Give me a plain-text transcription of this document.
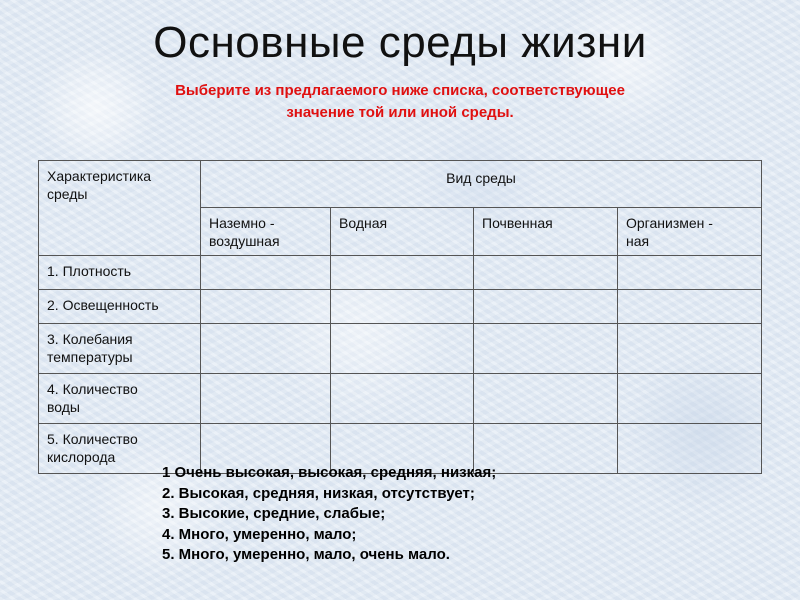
Основные среды жизни
Выберите из предлагаемого ниже списка, соответствующее
значение той или иной среды.
Характеристика
среды	Вид среды			
	Наземно -
воздушная	Водная	Почвенная	Организмен -
ная
1. Плотность				
2. Освещенность				
3. Колебания
температуры				
4. Количество
воды				
5. Количество
кислорода				
1 Очень высокая, высокая, средняя, низкая;
2. Высокая, средняя, низкая, отсутствует;
3. Высокие, средние, слабые;
4. Много, умеренно, мало;
5. Много, умеренно, мало, очень мало.
